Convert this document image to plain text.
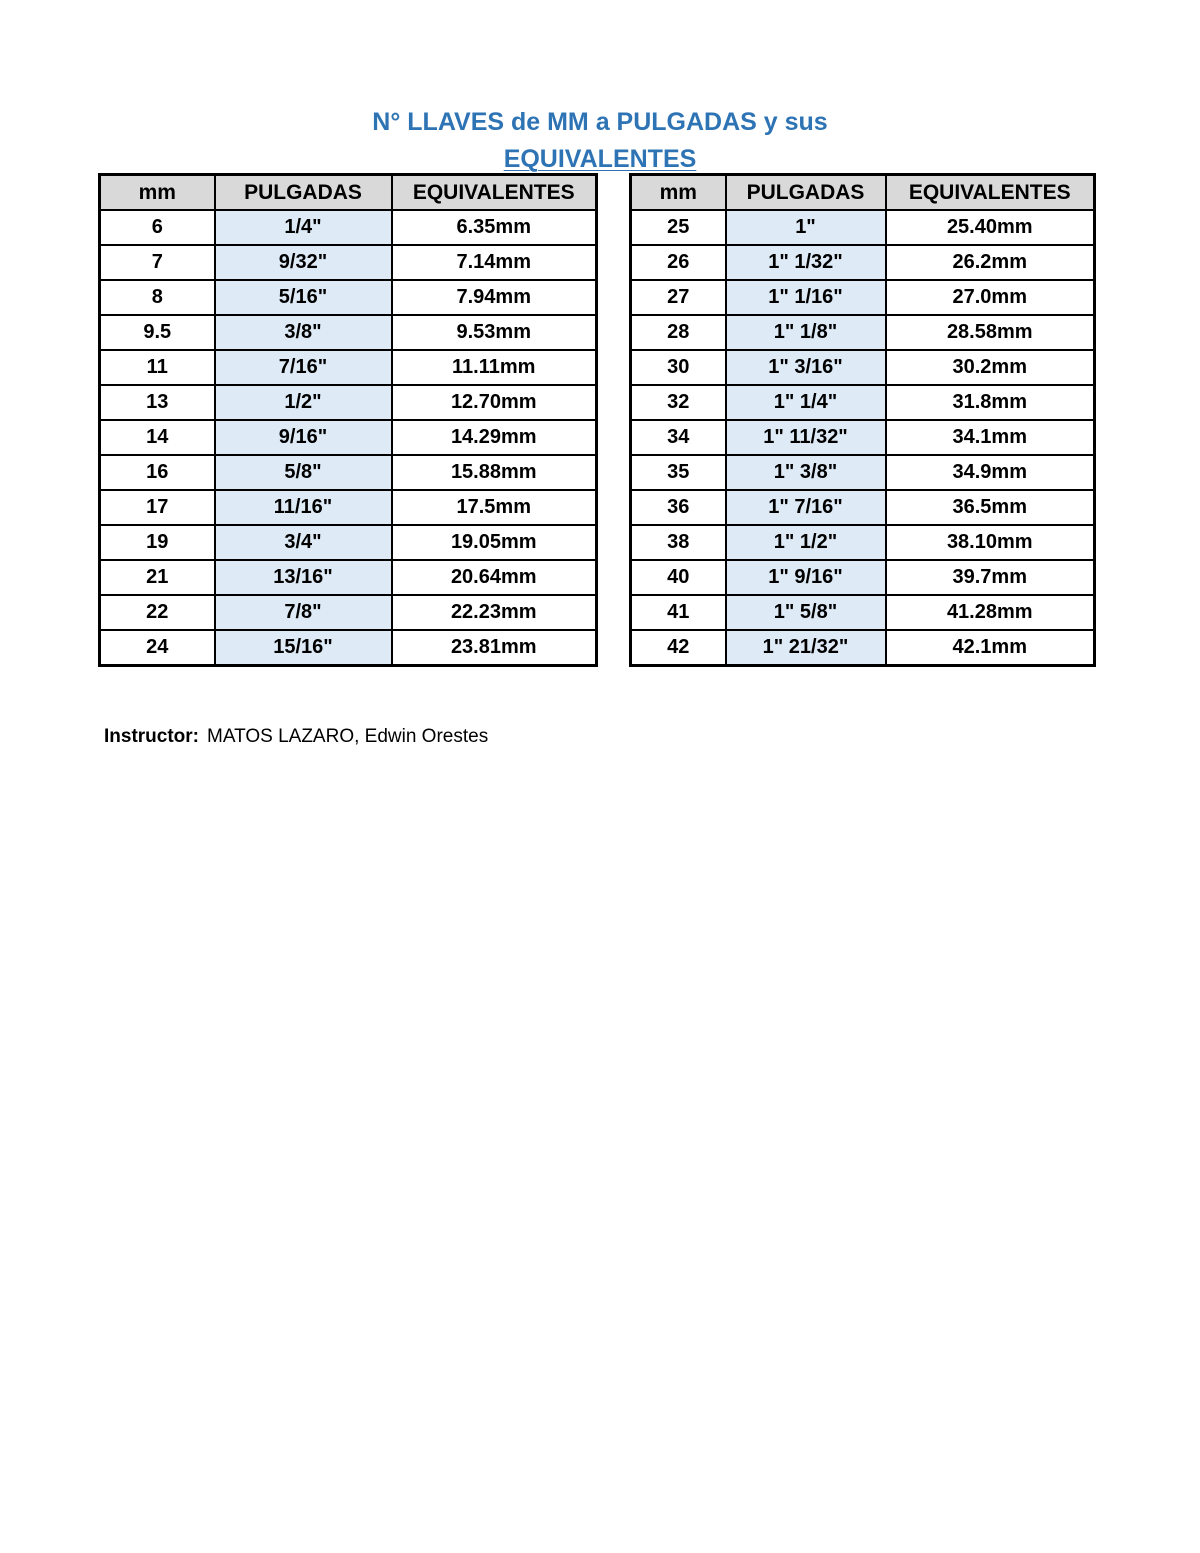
N° LLAVES de MM a PULGADAS y sus
EQUIVALENTES
mm	PULGADAS	EQUIVALENTES
6	1/4"	6.35mm
7	9/32"	7.14mm
8	5/16"	7.94mm
9.5	3/8"	9.53mm
11	7/16"	11.11mm
13	1/2"	12.70mm
14	9/16"	14.29mm
16	5/8"	15.88mm
17	11/16"	17.5mm
19	3/4"	19.05mm
21	13/16"	20.64mm
22	7/8"	22.23mm
24	15/16"	23.81mm
mm	PULGADAS	EQUIVALENTES
25	1"	25.40mm
26	1" 1/32"	26.2mm
27	1" 1/16"	27.0mm
28	1" 1/8"	28.58mm
30	1" 3/16"	30.2mm
32	1" 1/4"	31.8mm
34	1" 11/32"	34.1mm
35	1" 3/8"	34.9mm
36	1" 7/16"	36.5mm
38	1" 1/2"	38.10mm
40	1" 9/16"	39.7mm
41	1" 5/8"	41.28mm
42	1" 21/32"	42.1mm
Instructor: MATOS LAZARO, Edwin Orestes
